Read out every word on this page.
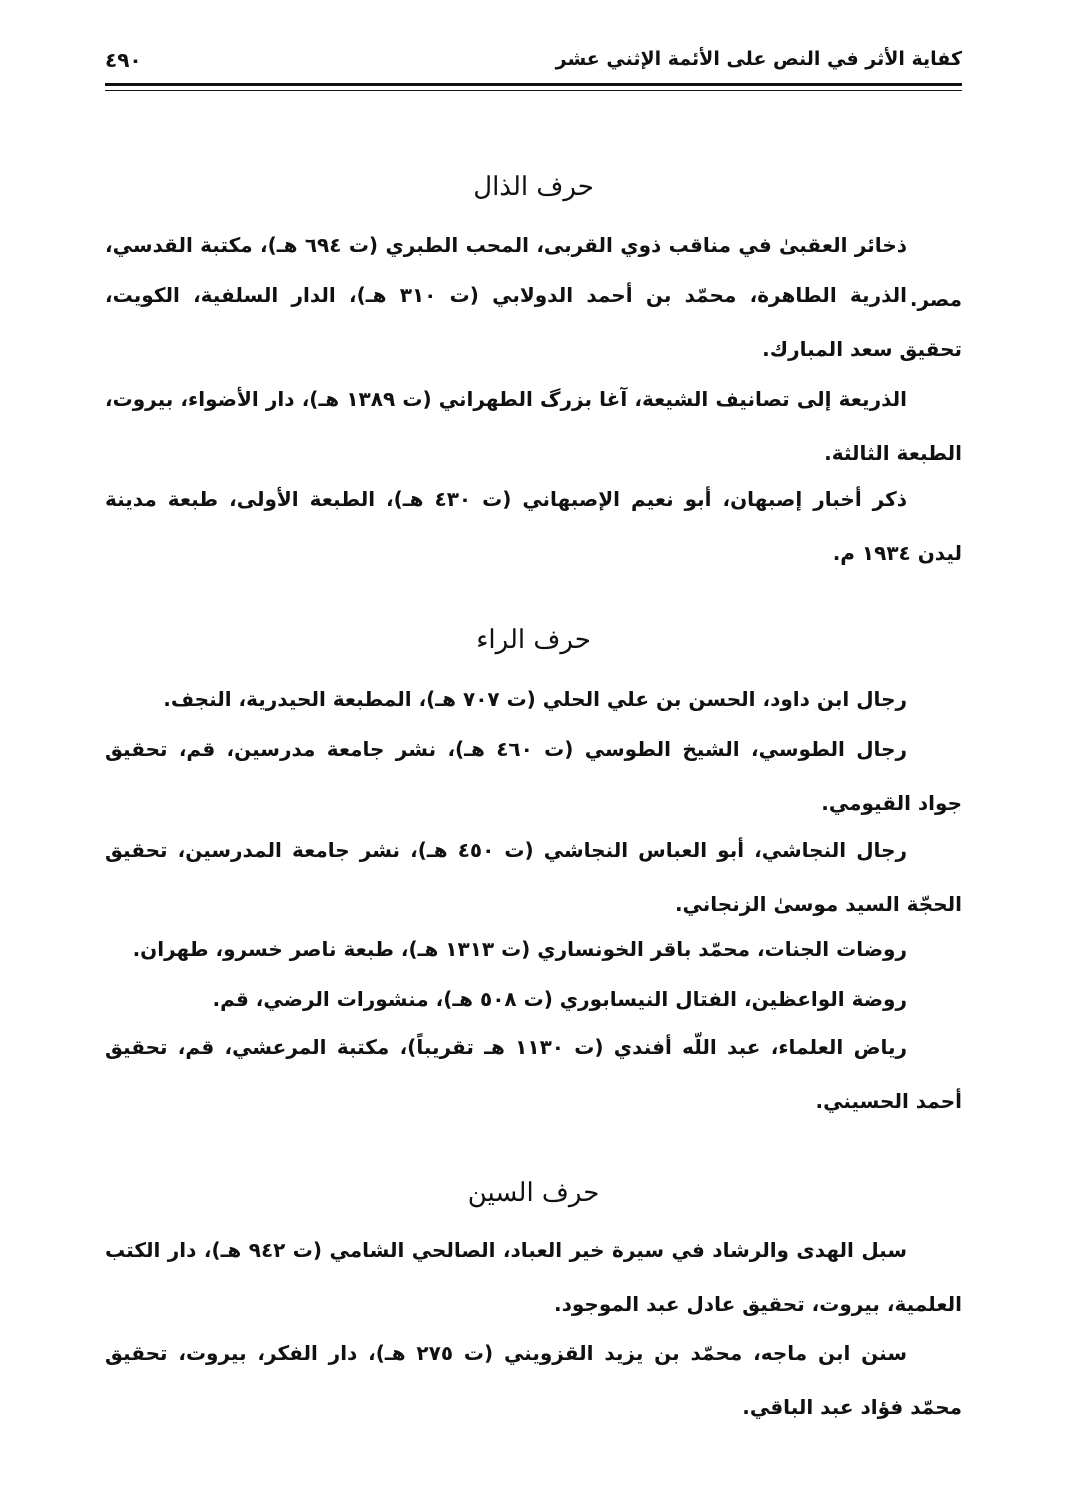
٤٩٠	كفاية الأثر في النص على الأئمة الإثني عشر
حرف الذال
ذخائر العقبىٰ في مناقب ذوي القربى، المحب الطبري (ت ٦٩٤ هـ)، مكتبة القدسي، مصر.
الذرية الطاهرة، محمّد بن أحمد الدولابي (ت ٣١٠ هـ)، الدار السلفية، الكويت، تحقيق سعد المبارك.
الذريعة إلى تصانيف الشيعة، آغا بزرگ الطهراني (ت ١٣٨٩ هـ)، دار الأضواء، بيروت، الطبعة الثالثة.
ذكر أخبار إصبهان، أبو نعيم الإصبهاني (ت ٤٣٠ هـ)، الطبعة الأولى، طبعة مدينة ليدن ١٩٣٤ م.
حرف الراء
رجال ابن داود، الحسن بن علي الحلي (ت ٧٠٧ هـ)، المطبعة الحيدرية، النجف.
رجال الطوسي، الشيخ الطوسي (ت ٤٦٠ هـ)، نشر جامعة مدرسين، قم، تحقيق جواد القيومي.
رجال النجاشي، أبو العباس النجاشي (ت ٤٥٠ هـ)، نشر جامعة المدرسين، تحقيق الحجّة السيد موسىٰ الزنجاني.
روضات الجنات، محمّد باقر الخونساري (ت ١٣١٣ هـ)، طبعة ناصر خسرو، طهران.
روضة الواعظين، الفتال النيسابوري (ت ٥٠٨ هـ)، منشورات الرضي، قم.
رياض العلماء، عبد اللّه أفندي (ت ١١٣٠ هـ تقريباً)، مكتبة المرعشي، قم، تحقيق أحمد الحسيني.
حرف السين
سبل الهدى والرشاد في سيرة خير العباد، الصالحي الشامي (ت ٩٤٢ هـ)، دار الكتب العلمية، بيروت، تحقيق عادل عبد الموجود.
سنن ابن ماجه، محمّد بن يزيد القزويني (ت ٢٧٥ هـ)، دار الفكر، بيروت، تحقيق محمّد فؤاد عبد الباقي.
